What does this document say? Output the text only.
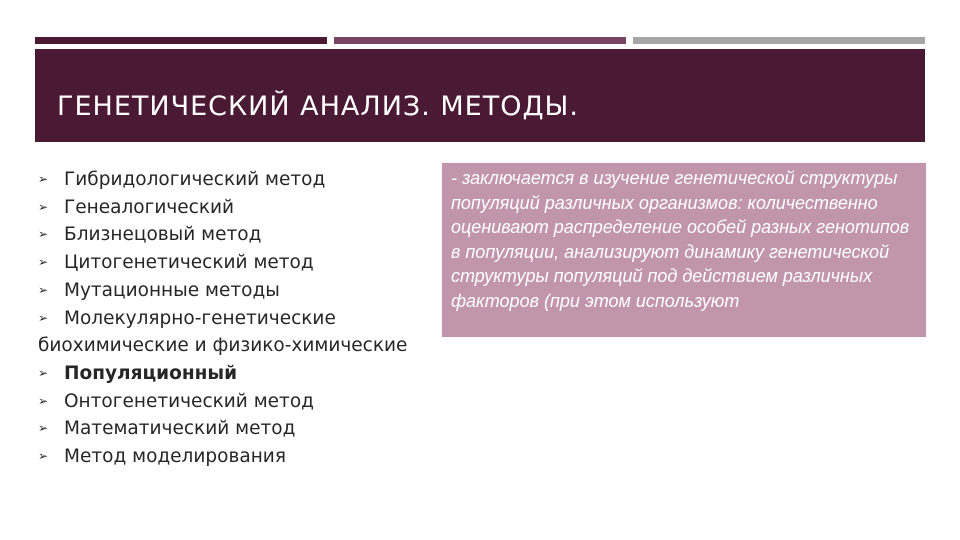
ГЕНЕТИЧЕСКИЙ АНАЛИЗ. МЕТОДЫ.
➢ Гибридологический метод
➢ Генеалогический
➢ Близнецовый метод
➢ Цитогенетический метод
➢ Мутационные методы
➢ Молекулярно-генетические
биохимические и физико-химические
➢ Популяционный
➢ Онтогенетический метод
➢ Математический метод
➢ Метод моделирования

- заключается в изучение генетической структуры популяций различных организмов: количественно оценивают распределение особей разных генотипов в популяции, анализируют динамику генетической структуры популяций под действием различных факторов (при этом используют
